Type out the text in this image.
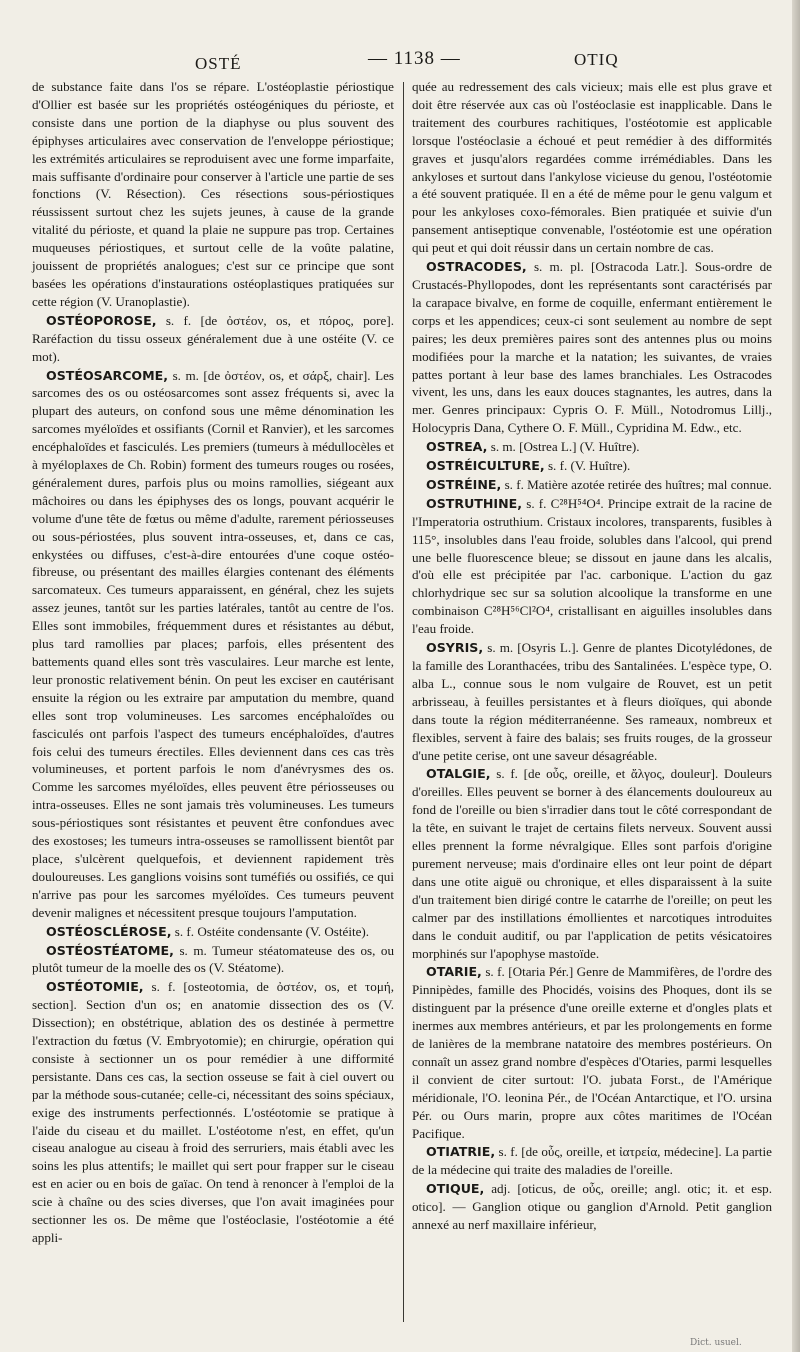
OSTÉ	— 1138 —	OTIQ

de substance faite dans l'os se répare. L'ostéoplastie périostique d'Ollier est basée sur les propriétés ostéogéniques du périoste, et consiste dans une portion de la diaphyse ou plus souvent des épiphyses articulaires avec conservation de l'enveloppe périostique; les extrémités articulaires se reproduisent avec une forme imparfaite, mais suffisante d'ordinaire pour conserver à l'article une partie de ses fonctions (V. Résection). Ces résections sous-périostiques réussissent surtout chez les sujets jeunes, à cause de la grande vitalité du périoste, et quand la plaie ne suppure pas trop. Certaines muqueuses périostiques, et surtout celle de la voûte palatine, jouissent de propriétés analogues; c'est sur ce principe que sont basées les opérations d'instaurations ostéoplastiques pratiquées sur cette région (V. Uranoplastie).

OSTÉOPOROSE, s. f. [de ὀστέον, os, et πόρος, pore]. Raréfaction du tissu osseux généralement due à une ostéite (V. ce mot).

OSTÉOSARCOME, s. m. [de ὀστέον, os, et σάρξ, chair]. Les sarcomes des os ou ostéosarcomes sont assez fréquents si, avec la plupart des auteurs, on confond sous une même dénomination les sarcomes myéloïdes et ossifiants (Cornil et Ranvier), et les sarcomes encéphaloïdes et fasciculés. Les premiers (tumeurs à médullocèles et à myéloplaxes de Ch. Robin) forment des tumeurs rouges ou rosées, généralement dures, parfois plus ou moins ramollies, siégeant aux mâchoires ou dans les épiphyses des os longs, pouvant acquérir le volume d'une tête de fœtus ou même d'adulte, rarement périosseuses ou sous-périostées, plus souvent intra-osseuses, et, dans ce cas, enkystées ou diffuses, c'est-à-dire entourées d'une coque ostéo-fibreuse, ou présentant des mailles élargies contenant des éléments sarcomateux. Ces tumeurs apparaissent, en général, chez les sujets assez jeunes, tantôt sur les parties latérales, tantôt au centre de l'os. Elles sont immobiles, fréquemment dures et résistantes au début, plus tard ramollies par places; parfois, elles présentent des battements quand elles sont très vasculaires. Leur marche est lente, leur pronostic relativement bénin. On peut les exciser en cautérisant ensuite la région ou les extraire par amputation du membre, quand elles sont trop volumineuses. Les sarcomes encéphaloïdes ou fasciculés ont parfois l'aspect des tumeurs encéphaloïdes, d'autres fois celui des tumeurs érectiles. Elles deviennent dans ces cas très volumineuses, et portent parfois le nom d'anévrysmes des os. Comme les sarcomes myéloïdes, elles peuvent être périosseuses ou intra-osseuses. Elles ne sont jamais très volumineuses. Les tumeurs sous-périostiques sont résistantes et peuvent être confondues avec des exostoses; les tumeurs intra-osseuses se ramollissent bientôt par place, s'ulcèrent quelquefois, et deviennent rapidement très douloureuses. Les ganglions voisins sont tuméfiés ou ossifiés, ce qui n'arrive pas pour les sarcomes myéloïdes. Ces tumeurs peuvent devenir malignes et nécessitent presque toujours l'amputation.

OSTÉOSCLÉROSE, s. f. Ostéite condensante (V. Ostéite).

OSTÉOSTÉATOME, s. m. Tumeur stéatomateuse des os, ou plutôt tumeur de la moelle des os (V. Stéatome).

OSTÉOTOMIE, s. f. [osteotomia, de ὀστέον, os, et τομή, section]. Section d'un os; en anatomie dissection des os (V. Dissection); en obstétrique, ablation des os destinée à permettre l'extraction du fœtus (V. Embryotomie); en chirurgie, opération qui consiste à sectionner un os pour remédier à une difformité persistante. Dans ces cas, la section osseuse se fait à ciel ouvert ou par la méthode sous-cutanée; celle-ci, nécessitant des soins spéciaux, exige des instruments perfectionnés. L'ostéotomie se pratique à l'aide du ciseau et du maillet. L'ostéotome n'est, en effet, qu'un ciseau analogue au ciseau à froid des serruriers, mais établi avec les soins les plus attentifs; le maillet qui sert pour frapper sur le ciseau est en acier ou en bois de gaïac. On tend à renoncer à l'emploi de la scie à chaîne ou des scies diverses, que l'on avait imaginées pour sectionner les os. De même que l'ostéoclasie, l'ostéotomie a été appli-

quée au redressement des cals vicieux; mais elle est plus grave et doit être réservée aux cas où l'ostéoclasie est inapplicable. Dans le traitement des courbures rachitiques, l'ostéotomie est applicable lorsque l'ostéoclasie a échoué et peut remédier à des difformités graves et jusqu'alors regardées comme irrémédiables. Dans les ankyloses et surtout dans l'ankylose vicieuse du genou, l'ostéotomie a été souvent pratiquée. Il en a été de même pour le genu valgum et pour les ankyloses coxo-fémorales. Bien pratiquée et suivie d'un pansement antiseptique convenable, l'ostéotomie est une opération qui peut et qui doit réussir dans un certain nombre de cas.

OSTRACODES, s. m. pl. [Ostracoda Latr.]. Sous-ordre de Crustacés-Phyllopodes, dont les représentants sont caractérisés par la carapace bivalve, en forme de coquille, enfermant entièrement le corps et les appendices; ceux-ci sont seulement au nombre de sept paires; les deux premières paires sont des antennes plus ou moins modifiées pour la marche et la natation; les suivantes, de vraies pattes portant à leur base des lames branchiales. Les Ostracodes vivent, les uns, dans les eaux douces stagnantes, les autres, dans la mer. Genres principaux: Cypris O. F. Müll., Notodromus Lillj., Holocypris Dana, Cythere O. F. Müll., Cypridina M. Edw., etc.

OSTREA, s. m. [Ostrea L.] (V. Huître).

OSTRÉICULTURE, s. f. (V. Huître).

OSTRÉINE, s. f. Matière azotée retirée des huîtres; mal connue.

OSTRUTHINE, s. f. C²⁸H⁵⁴O⁴. Principe extrait de la racine de l'Imperatoria ostruthium. Cristaux incolores, transparents, fusibles à 115°, insolubles dans l'eau froide, solubles dans l'alcool, qui prend une belle fluorescence bleue; se dissout en jaune dans les alcalis, d'où elle est précipitée par l'ac. carbonique. L'action du gaz chlorhydrique sec sur sa solution alcoolique la transforme en une combinaison C²⁸H⁵⁶Cl²O⁴, cristallisant en aiguilles insolubles dans l'eau froide.

OSYRIS, s. m. [Osyris L.]. Genre de plantes Dicotylédones, de la famille des Loranthacées, tribu des Santalinées. L'espèce type, O. alba L., connue sous le nom vulgaire de Rouvet, est un petit arbrisseau, à feuilles persistantes et à fleurs dioïques, qui abonde dans toute la région méditerranéenne. Ses rameaux, nombreux et flexibles, servent à faire des balais; ses fruits rouges, de la grosseur d'une petite cerise, ont une saveur désagréable.

OTALGIE, s. f. [de οὖς, oreille, et ἄλγος, douleur]. Douleurs d'oreilles. Elles peuvent se borner à des élancements douloureux au fond de l'oreille ou bien s'irradier dans tout le côté correspondant de la tête, en suivant le trajet de certains filets nerveux. Souvent aussi elles prennent la forme névralgique. Elles sont parfois d'origine purement nerveuse; mais d'ordinaire elles ont leur point de départ dans une otite aiguë ou chronique, et elles disparaissent à la suite d'un traitement bien dirigé contre le catarrhe de l'oreille; on peut les calmer par des instillations émollientes et narcotiques introduites dans le conduit auditif, ou par l'application de petits vésicatoires morphinés sur l'apophyse mastoïde.

OTARIE, s. f. [Otaria Pér.] Genre de Mammifères, de l'ordre des Pinnipèdes, famille des Phocidés, voisins des Phoques, dont ils se distinguent par la présence d'une oreille externe et d'ongles plats et inermes aux membres antérieurs, et par les prolongements en forme de lanières de la membrane natatoire des membres postérieurs. On connaît un assez grand nombre d'espèces d'Otaries, parmi lesquelles il convient de citer surtout: l'O. jubata Forst., de l'Amérique méridionale, l'O. leonina Pér., de l'Océan Antarctique, et l'O. ursina Pér. ou Ours marin, propre aux côtes maritimes de l'Océan Pacifique.

OTIATRIE, s. f. [de οὖς, oreille, et ἰατρεία, médecine]. La partie de la médecine qui traite des maladies de l'oreille.

OTIQUE, adj. [oticus, de οὖς, oreille; angl. otic; it. et esp. otico]. — Ganglion otique ou ganglion d'Arnold. Petit ganglion annexé au nerf maxillaire inférieur,

Dict. usuel.
